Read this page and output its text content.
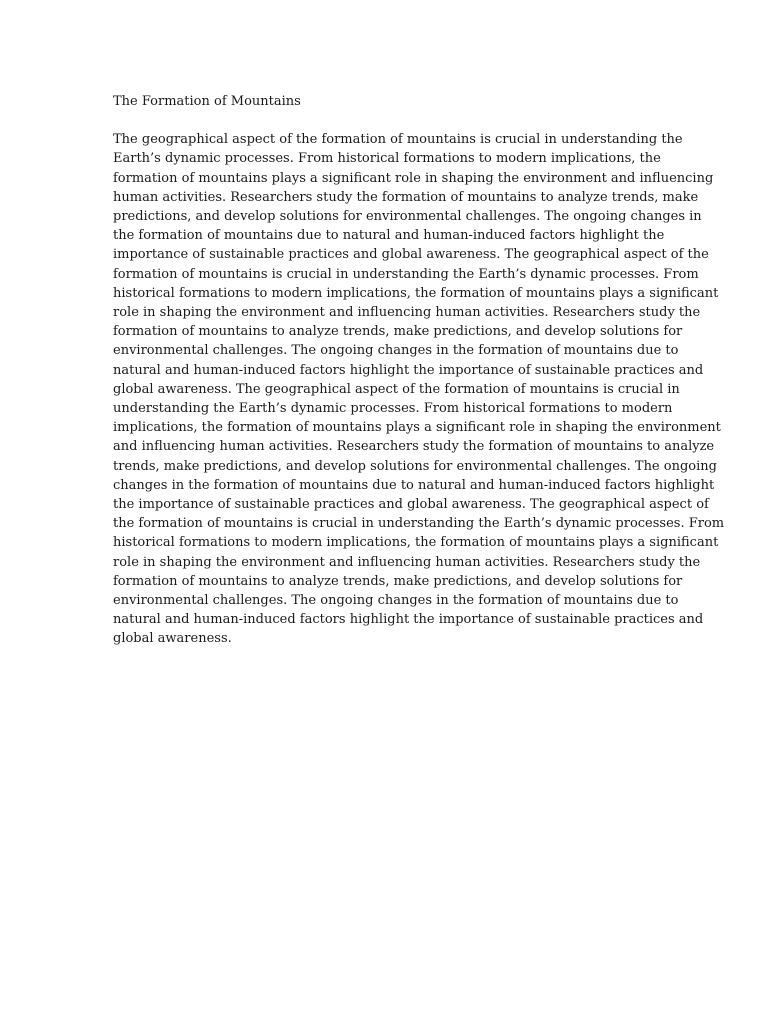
The Formation of Mountains

The geographical aspect of the formation of mountains is crucial in understanding the
Earth’s dynamic processes. From historical formations to modern implications, the
formation of mountains plays a significant role in shaping the environment and influencing
human activities. Researchers study the formation of mountains to analyze trends, make
predictions, and develop solutions for environmental challenges. The ongoing changes in
the formation of mountains due to natural and human-induced factors highlight the
importance of sustainable practices and global awareness. The geographical aspect of the
formation of mountains is crucial in understanding the Earth’s dynamic processes. From
historical formations to modern implications, the formation of mountains plays a significant
role in shaping the environment and influencing human activities. Researchers study the
formation of mountains to analyze trends, make predictions, and develop solutions for
environmental challenges. The ongoing changes in the formation of mountains due to
natural and human-induced factors highlight the importance of sustainable practices and
global awareness. The geographical aspect of the formation of mountains is crucial in
understanding the Earth’s dynamic processes. From historical formations to modern
implications, the formation of mountains plays a significant role in shaping the environment
and influencing human activities. Researchers study the formation of mountains to analyze
trends, make predictions, and develop solutions for environmental challenges. The ongoing
changes in the formation of mountains due to natural and human-induced factors highlight
the importance of sustainable practices and global awareness. The geographical aspect of
the formation of mountains is crucial in understanding the Earth’s dynamic processes. From
historical formations to modern implications, the formation of mountains plays a significant
role in shaping the environment and influencing human activities. Researchers study the
formation of mountains to analyze trends, make predictions, and develop solutions for
environmental challenges. The ongoing changes in the formation of mountains due to
natural and human-induced factors highlight the importance of sustainable practices and
global awareness.
